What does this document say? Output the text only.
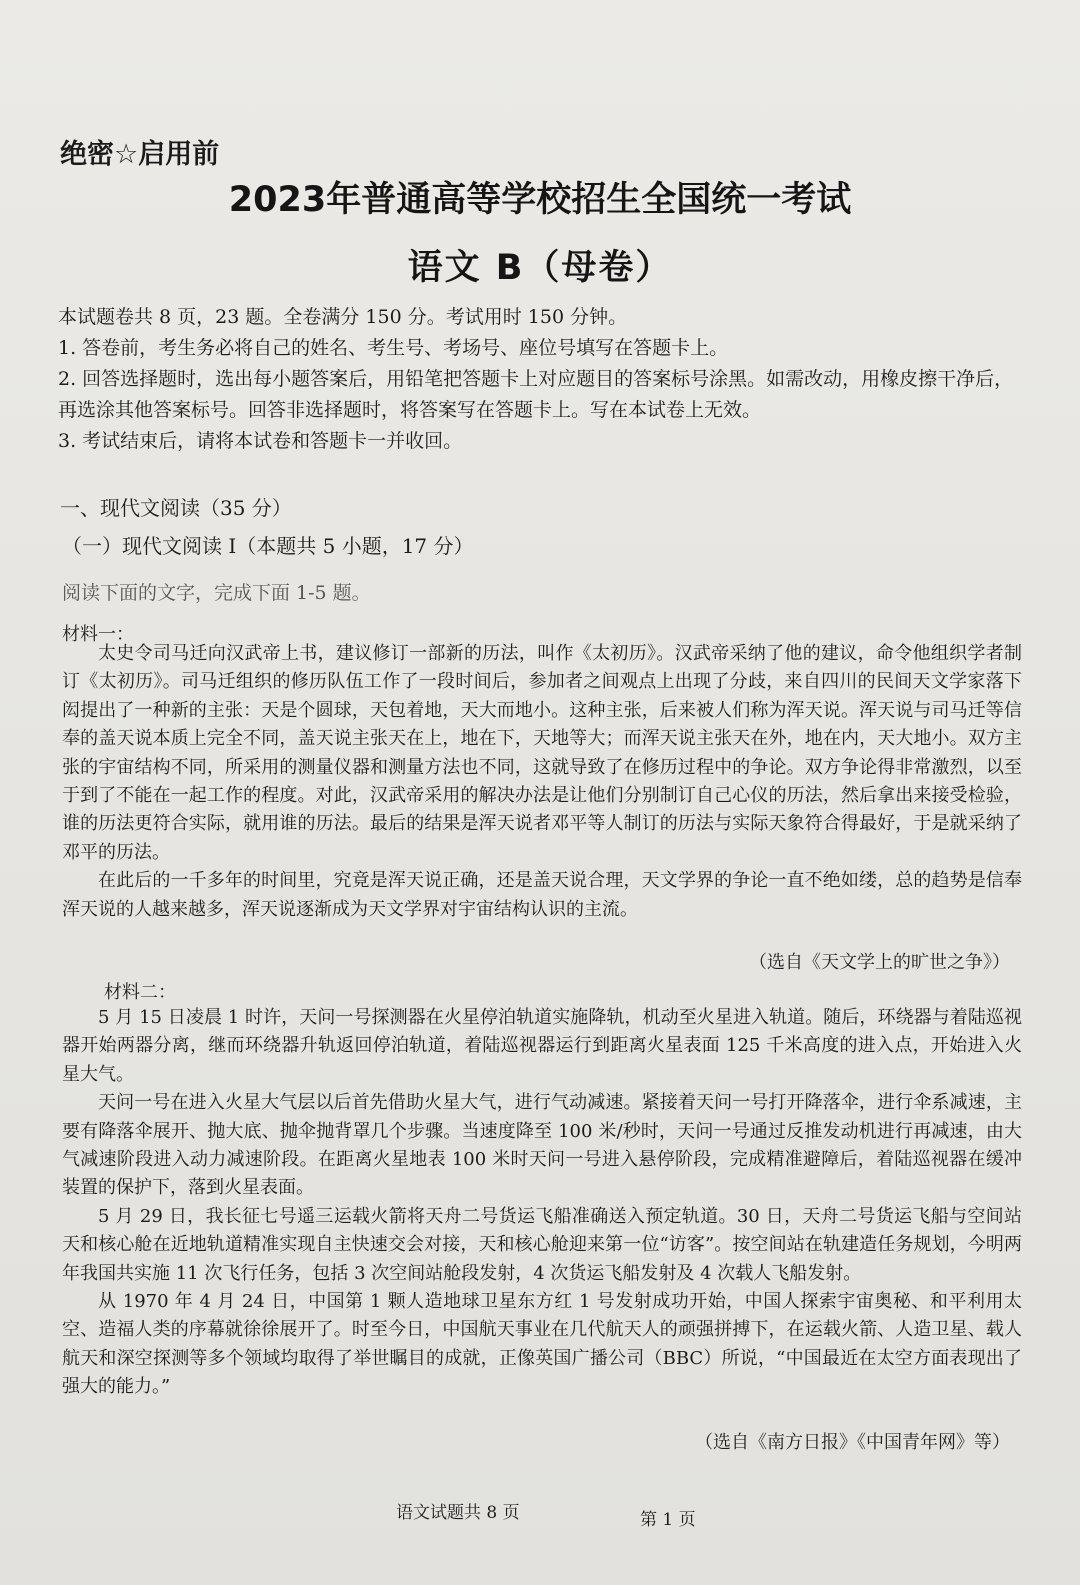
绝密☆启用前
2023年普通高等学校招生全国统一考试
语文 B（母卷）

本试题卷共 8 页，23 题。全卷满分 150 分。考试用时 150 分钟。

1. 答卷前，考生务必将自己的姓名、考生号、考场号、座位号填写在答题卡上。

2. 回答选择题时，选出每小题答案后，用铅笔把答题卡上对应题目的答案标号涂黑。如需改动，用橡皮擦干净后，再选涂其他答案标号。回答非选择题时，将答案写在答题卡上。写在本试卷上无效。

3. 考试结束后，请将本试卷和答题卡一并收回。

一、现代文阅读（35 分）
（一）现代文阅读 I（本题共 5 小题，17 分）
阅读下面的文字，完成下面 1-5 题。
材料一：

太史令司马迁向汉武帝上书，建议修订一部新的历法，叫作《太初历》。汉武帝采纳了他的建议，命令他组织学者制订《太初历》。司马迁组织的修历队伍工作了一段时间后，参加者之间观点上出现了分歧，来自四川的民间天文学家落下闳提出了一种新的主张：天是个圆球，天包着地，天大而地小。这种主张，后来被人们称为浑天说。浑天说与司马迁等信奉的盖天说本质上完全不同，盖天说主张天在上，地在下，天地等大；而浑天说主张天在外，地在内，天大地小。双方主张的宇宙结构不同，所采用的测量仪器和测量方法也不同，这就导致了在修历过程中的争论。双方争论得非常激烈，以至于到了不能在一起工作的程度。对此，汉武帝采用的解决办法是让他们分别制订自己心仪的历法，然后拿出来接受检验，谁的历法更符合实际，就用谁的历法。最后的结果是浑天说者邓平等人制订的历法与实际天象符合得最好，于是就采纳了邓平的历法。

在此后的一千多年的时间里，究竟是浑天说正确，还是盖天说合理，天文学界的争论一直不绝如缕，总的趋势是信奉浑天说的人越来越多，浑天说逐渐成为天文学界对宇宙结构认识的主流。

（选自《天文学上的旷世之争》）
材料二：

5 月 15 日凌晨 1 时许，天问一号探测器在火星停泊轨道实施降轨，机动至火星进入轨道。随后，环绕器与着陆巡视器开始两器分离，继而环绕器升轨返回停泊轨道，着陆巡视器运行到距离火星表面 125 千米高度的进入点，开始进入火星大气。

天问一号在进入火星大气层以后首先借助火星大气，进行气动减速。紧接着天问一号打开降落伞，进行伞系减速，主要有降落伞展开、抛大底、抛伞抛背罩几个步骤。当速度降至 100 米/秒时，天问一号通过反推发动机进行再减速，由大气减速阶段进入动力减速阶段。在距离火星地表 100 米时天问一号进入悬停阶段，完成精准避障后，着陆巡视器在缓冲装置的保护下，落到火星表面。

5 月 29 日，我长征七号遥三运载火箭将天舟二号货运飞船准确送入预定轨道。30 日，天舟二号货运飞船与空间站天和核心舱在近地轨道精准实现自主快速交会对接，天和核心舱迎来第一位“访客”。按空间站在轨建造任务规划，今明两年我国共实施 11 次飞行任务，包括 3 次空间站舱段发射，4 次货运飞船发射及 4 次载人飞船发射。

从 1970 年 4 月 24 日，中国第 1 颗人造地球卫星东方红 1 号发射成功开始，中国人探索宇宙奥秘、和平利用太空、造福人类的序幕就徐徐展开了。时至今日，中国航天事业在几代航天人的顽强拼搏下，在运载火箭、人造卫星、载人航天和深空探测等多个领域均取得了举世瞩目的成就，正像英国广播公司（BBC）所说，“中国最近在太空方面表现出了强大的能力。”

（选自《南方日报》《中国青年网》等）
语文试题共 8 页	第 1 页
